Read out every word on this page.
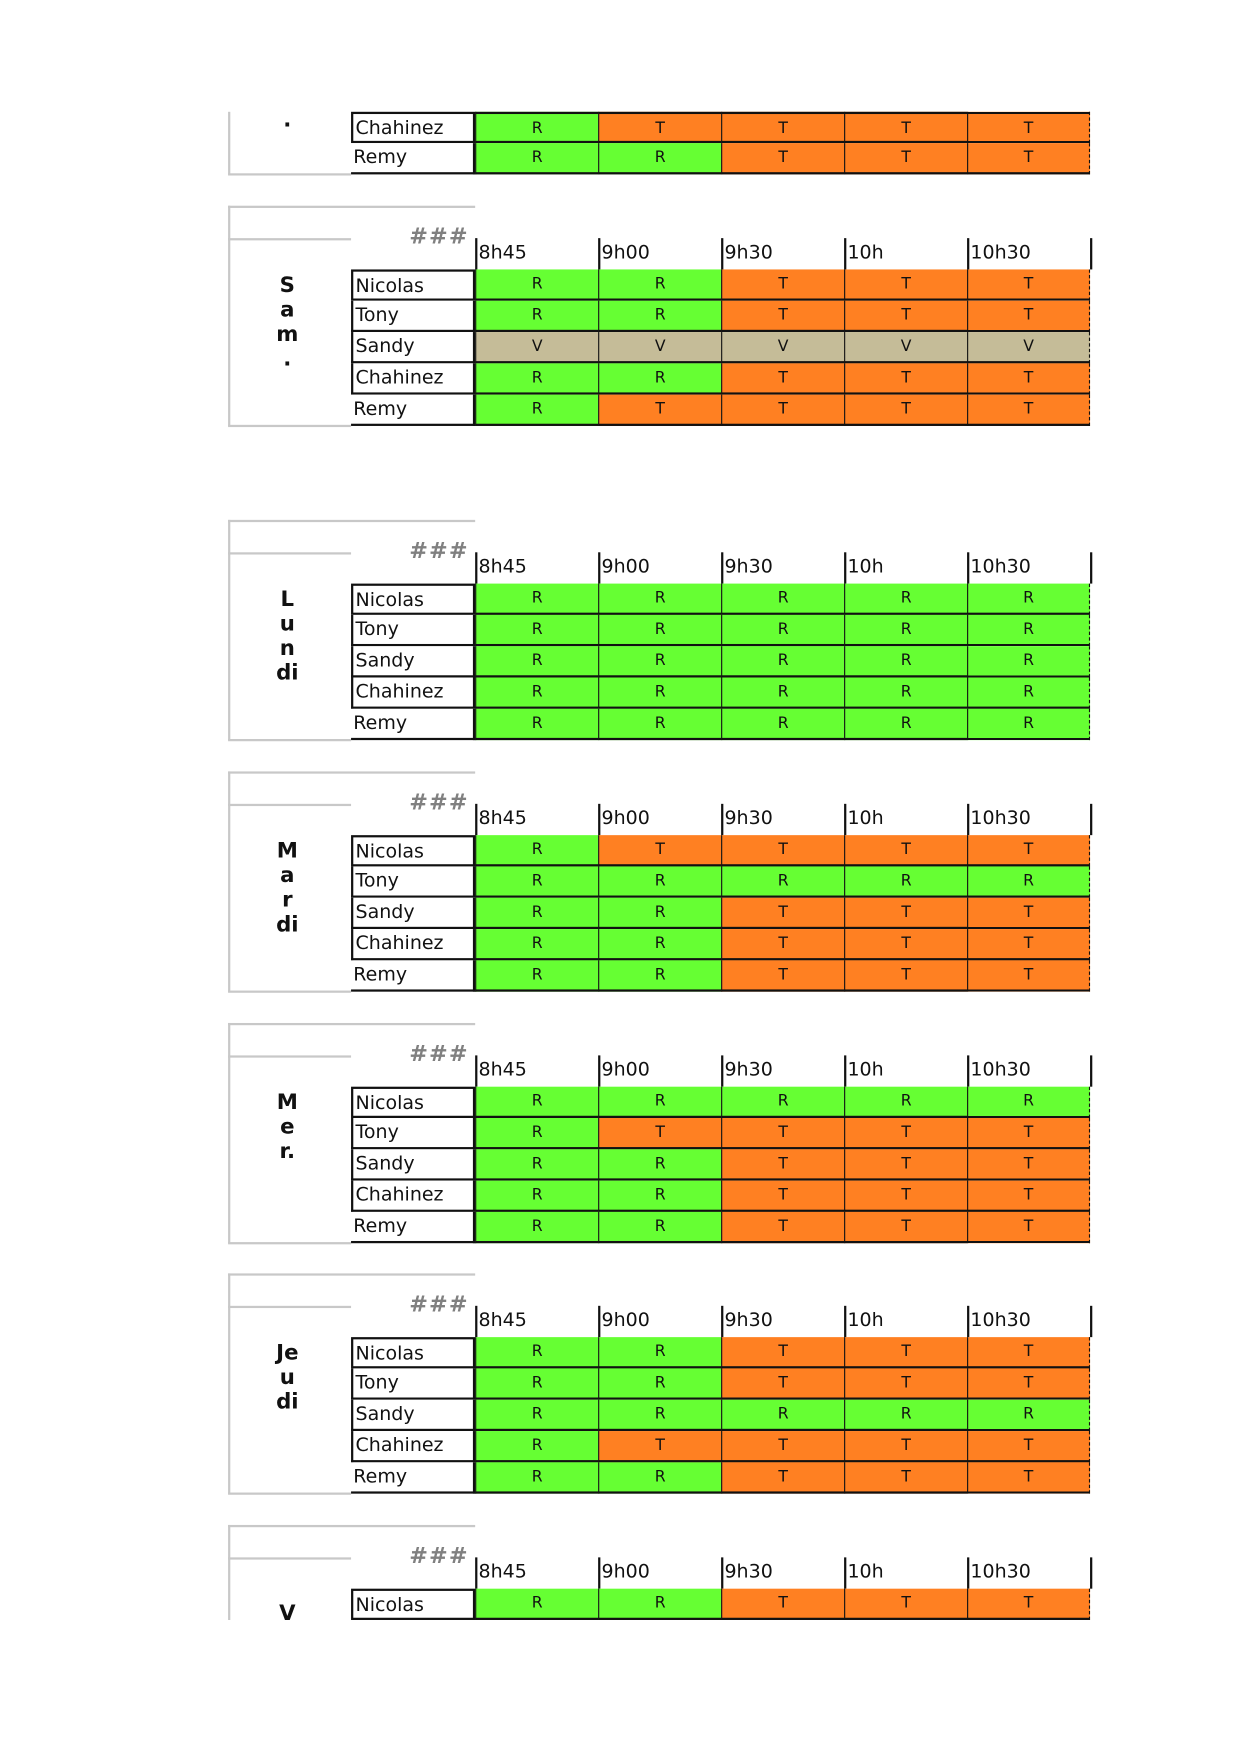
.	Chahinez	R	T	T	T	T
Remy	R	R	T	T	T
###
8h45	9h00	9h30	10h	10h30
Sam.
Nicolas	R	R	T	T	T
Tony	R	R	T	T	T
Sandy	V	V	V	V	V
Chahinez	R	R	T	T	T
Remy	R	T	T	T	T
###
8h45	9h00	9h30	10h	10h30
Lundi
Nicolas	R	R	R	R	R
Tony	R	R	R	R	R
Sandy	R	R	R	R	R
Chahinez	R	R	R	R	R
Remy	R	R	R	R	R
###
8h45	9h00	9h30	10h	10h30
Mardi
Nicolas	R	T	T	T	T
Tony	R	R	R	R	R
Sandy	R	R	T	T	T
Chahinez	R	R	T	T	T
Remy	R	R	T	T	T
###
8h45	9h00	9h30	10h	10h30
Mer.
Nicolas	R	R	R	R	R
Tony	R	T	T	T	T
Sandy	R	R	T	T	T
Chahinez	R	R	T	T	T
Remy	R	R	T	T	T
###
8h45	9h00	9h30	10h	10h30
Jeudi
Nicolas	R	R	T	T	T
Tony	R	R	T	T	T
Sandy	R	R	R	R	R
Chahinez	R	T	T	T	T
Remy	R	R	T	T	T
###
8h45	9h00	9h30	10h	10h30
V	Nicolas	R	R	T	T	T
